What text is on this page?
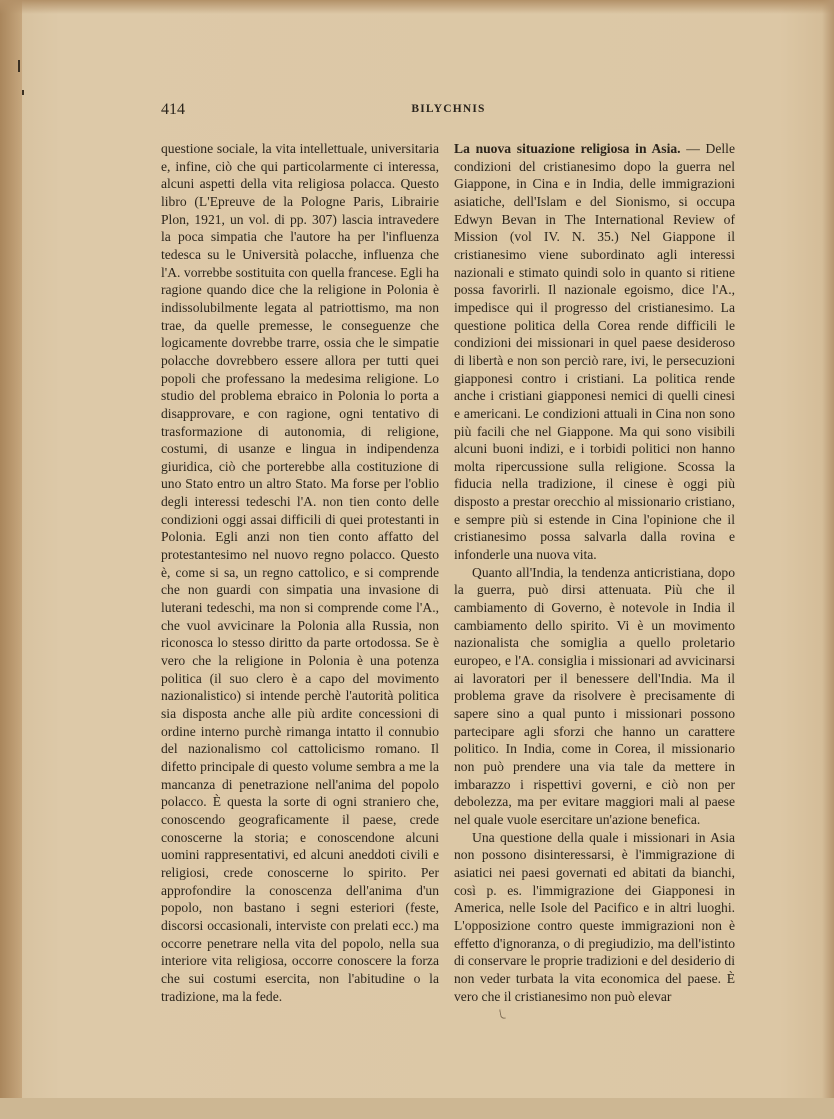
414	BILYCHNIS

questione sociale, la vita intellettuale, universitaria e, infine, ciò che qui particolarmente ci interessa, alcuni aspetti della vita religiosa polacca. Questo libro (L'Epreuve de la Pologne Paris, Librairie Plon, 1921, un vol. di pp. 307) lascia intravedere la poca simpatia che l'autore ha per l'influenza tedesca su le Università polacche, influenza che l'A. vorrebbe sostituita con quella francese. Egli ha ragione quando dice che la religione in Polonia è indissolubilmente legata al patriottismo, ma non trae, da quelle premesse, le conseguenze che logicamente dovrebbe trarre, ossia che le simpatie polacche dovrebbero essere allora per tutti quei popoli che professano la medesima religione. Lo studio del problema ebraico in Polonia lo porta a disapprovare, e con ragione, ogni tentativo di trasformazione di autonomia, di religione, costumi, di usanze e lingua in indipendenza giuridica, ciò che porterebbe alla costituzione di uno Stato entro un altro Stato. Ma forse per l'oblio degli interessi tedeschi l'A. non tien conto delle condizioni oggi assai difficili di quei protestanti in Polonia. Egli anzi non tien conto affatto del protestantesimo nel nuovo regno polacco. Questo è, come si sa, un regno cattolico, e si comprende che non guardi con simpatia una invasione di luterani tedeschi, ma non si comprende come l'A., che vuol avvicinare la Polonia alla Russia, non riconosca lo stesso diritto da parte ortodossa. Se è vero che la religione in Polonia è una potenza politica (il suo clero è a capo del movimento nazionalistico) si intende perchè l'autorità politica sia disposta anche alle più ardite concessioni di ordine interno purchè rimanga intatto il connubio del nazionalismo col cattolicismo romano. Il difetto principale di questo volume sembra a me la mancanza di penetrazione nell'anima del popolo polacco. È questa la sorte di ogni straniero che, conoscendo geograficamente il paese, crede conoscerne la storia; e conoscendone alcuni uomini rappresentativi, ed alcuni aneddoti civili e religiosi, crede conoscerne lo spirito. Per approfondire la conoscenza dell'anima d'un popolo, non bastano i segni esteriori (feste, discorsi occasionali, interviste con prelati ecc.) ma occorre penetrare nella vita del popolo, nella sua interiore vita religiosa, occorre conoscere la forza che sui costumi esercita, non l'abitudine o la tradizione, ma la fede.

La nuova situazione religiosa in Asia. — Delle condizioni del cristianesimo dopo la guerra nel Giappone, in Cina e in India, delle immigrazioni asiatiche, dell'Islam e del Sionismo, si occupa Edwyn Bevan in The International Review of Mission (vol IV. N. 35.) Nel Giappone il cristianesimo viene subordinato agli interessi nazionali e stimato quindi solo in quanto si ritiene possa favorirli. Il nazionale egoismo, dice l'A., impedisce qui il progresso del cristianesimo. La questione politica della Corea rende difficili le condizioni dei missionari in quel paese desideroso di libertà e non son perciò rare, ivi, le persecuzioni giapponesi contro i cristiani. La politica rende anche i cristiani giapponesi nemici di quelli cinesi e americani. Le condizioni attuali in Cina non sono più facili che nel Giappone. Ma qui sono visibili alcuni buoni indizi, e i torbidi politici non hanno molta ripercussione sulla religione. Scossa la fiducia nella tradizione, il cinese è oggi più disposto a prestar orecchio al missionario cristiano, e sempre più si estende in Cina l'opinione che il cristianesimo possa salvarla dalla rovina e infonderle una nuova vita.

Quanto all'India, la tendenza anticristiana, dopo la guerra, può dirsi attenuata. Più che il cambiamento di Governo, è notevole in India il cambiamento dello spirito. Vi è un movimento nazionalista che somiglia a quello proletario europeo, e l'A. consiglia i missionari ad avvicinarsi ai lavoratori per il benessere dell'India. Ma il problema grave da risolvere è precisamente di sapere sino a qual punto i missionari possono partecipare agli sforzi che hanno un carattere politico. In India, come in Corea, il missionario non può prendere una via tale da mettere in imbarazzo i rispettivi governi, e ciò non per debolezza, ma per evitare maggiori mali al paese nel quale vuole esercitare un'azione benefica.

Una questione della quale i missionari in Asia non possono disinteressarsi, è l'immigrazione di asiatici nei paesi governati ed abitati da bianchi, così p. es. l'immigrazione dei Giapponesi in America, nelle Isole del Pacifico e in altri luoghi. L'opposizione contro queste immigrazioni non è effetto d'ignoranza, o di pregiudizio, ma dell'istinto di conservare le proprie tradizioni e del desiderio di non veder turbata la vita economica del paese. È vero che il cristianesimo non può elevar
